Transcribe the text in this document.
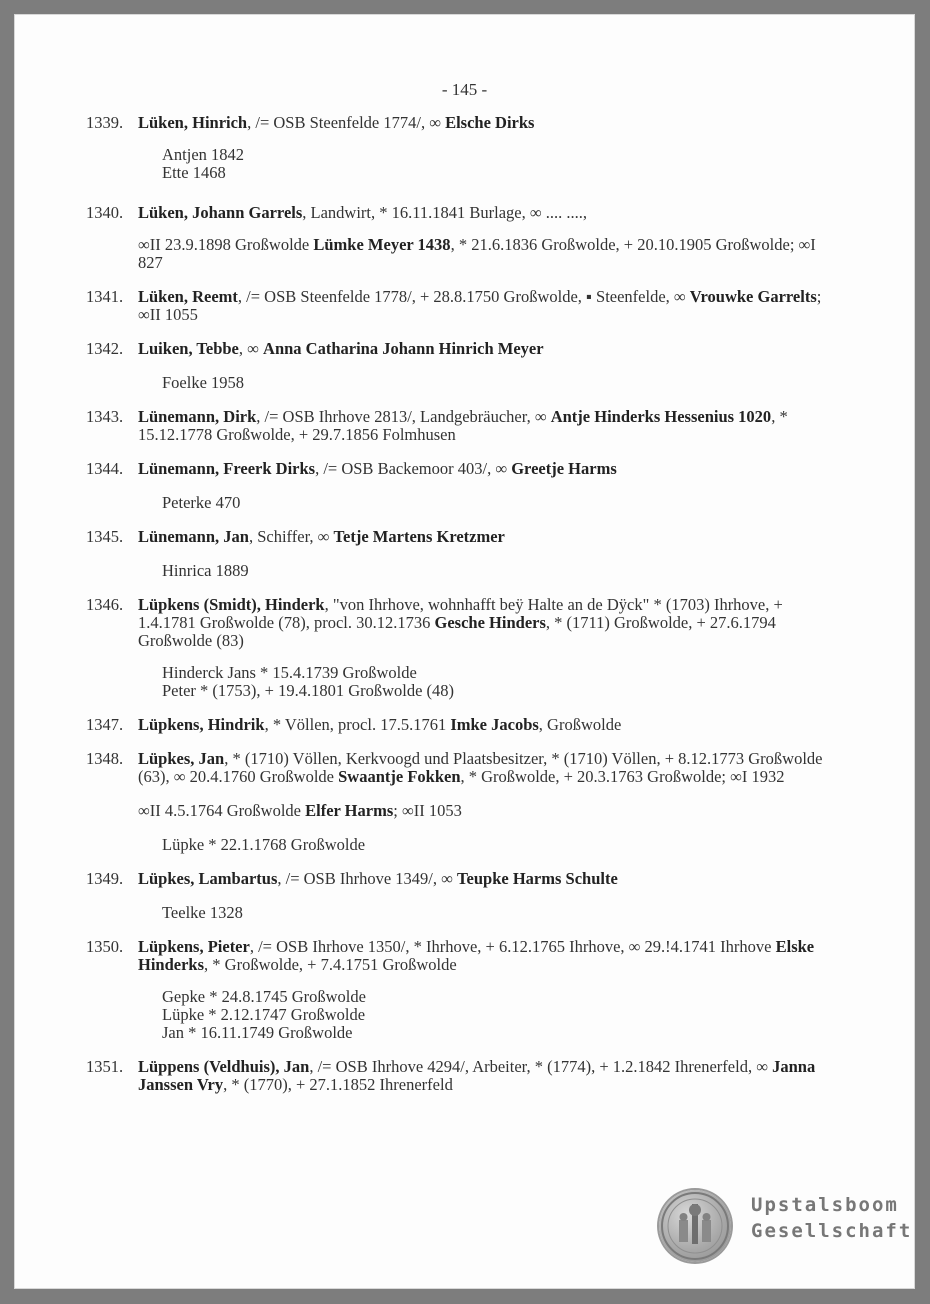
- 145 -
1339. Lüken, Hinrich, /= OSB Steenfelde 1774/, ∞ Elsche Dirks

Antjen 1842
Ette 1468
1340. Lüken, Johann Garrels, Landwirt, * 16.11.1841 Burlage, ∞ .... ....,

∞II 23.9.1898 Großwolde Lümke Meyer 1438, * 21.6.1836 Großwolde, + 20.10.1905 Großwolde; ∞I 827
1341. Lüken, Reemt, /= OSB Steenfelde 1778/, + 28.8.1750 Großwolde, ▪ Steenfelde, ∞ Vrouwke Garrelts; ∞II 1055

1342. Luiken, Tebbe, ∞ Anna Catharina Johann Hinrich Meyer

Foelke 1958
1343. Lünemann, Dirk, /= OSB Ihrhove 2813/, Landgebräucher, ∞ Antje Hinderks Hessenius 1020, * 15.12.1778 Großwolde, + 29.7.1856 Folmhusen

1344. Lünemann, Freerk Dirks, /= OSB Backemoor 403/, ∞ Greetje Harms

Peterke 470
1345. Lünemann, Jan, Schiffer, ∞ Tetje Martens Kretzmer

Hinrica 1889
1346. Lüpkens (Smidt), Hinderk, "von Ihrhove, wohnhafft beÿ Halte an de Dÿck" * (1703) Ihrhove, + 1.4.1781 Großwolde (78), procl. 30.12.1736 Gesche Hinders, * (1711) Großwolde, + 27.6.1794 Großwolde (83)

Hinderck Jans * 15.4.1739 Großwolde
Peter * (1753), + 19.4.1801 Großwolde (48)
1347. Lüpkens, Hindrik, * Völlen, procl. 17.5.1761 Imke Jacobs, Großwolde

1348. Lüpkes, Jan, * (1710) Völlen, Kerkvoogd und Plaatsbesitzer, * (1710) Völlen, + 8.12.1773 Großwolde (63), ∞ 20.4.1760 Großwolde Swaantje Fokken, * Großwolde, + 20.3.1763 Großwolde; ∞I 1932

∞II 4.5.1764 Großwolde Elfer Harms; ∞II 1053
Lüpke * 22.1.1768 Großwolde
1349. Lüpkes, Lambartus, /= OSB Ihrhove 1349/, ∞ Teupke Harms Schulte

Teelke 1328
1350. Lüpkens, Pieter, /= OSB Ihrhove 1350/, * Ihrhove, + 6.12.1765 Ihrhove, ∞ 29.!4.1741 Ihrhove Elske Hinderks, * Großwolde, + 7.4.1751 Großwolde

Gepke * 24.8.1745 Großwolde
Lüpke * 2.12.1747 Großwolde
Jan * 16.11.1749 Großwolde
1351. Lüppens (Veldhuis), Jan, /= OSB Ihrhove 4294/, Arbeiter, * (1774), + 1.2.1842 Ihrenerfeld, ∞ Janna Janssen Vry, * (1770), + 27.1.1852 Ihrenerfeld

Upstalsboom
Gesellschaft
